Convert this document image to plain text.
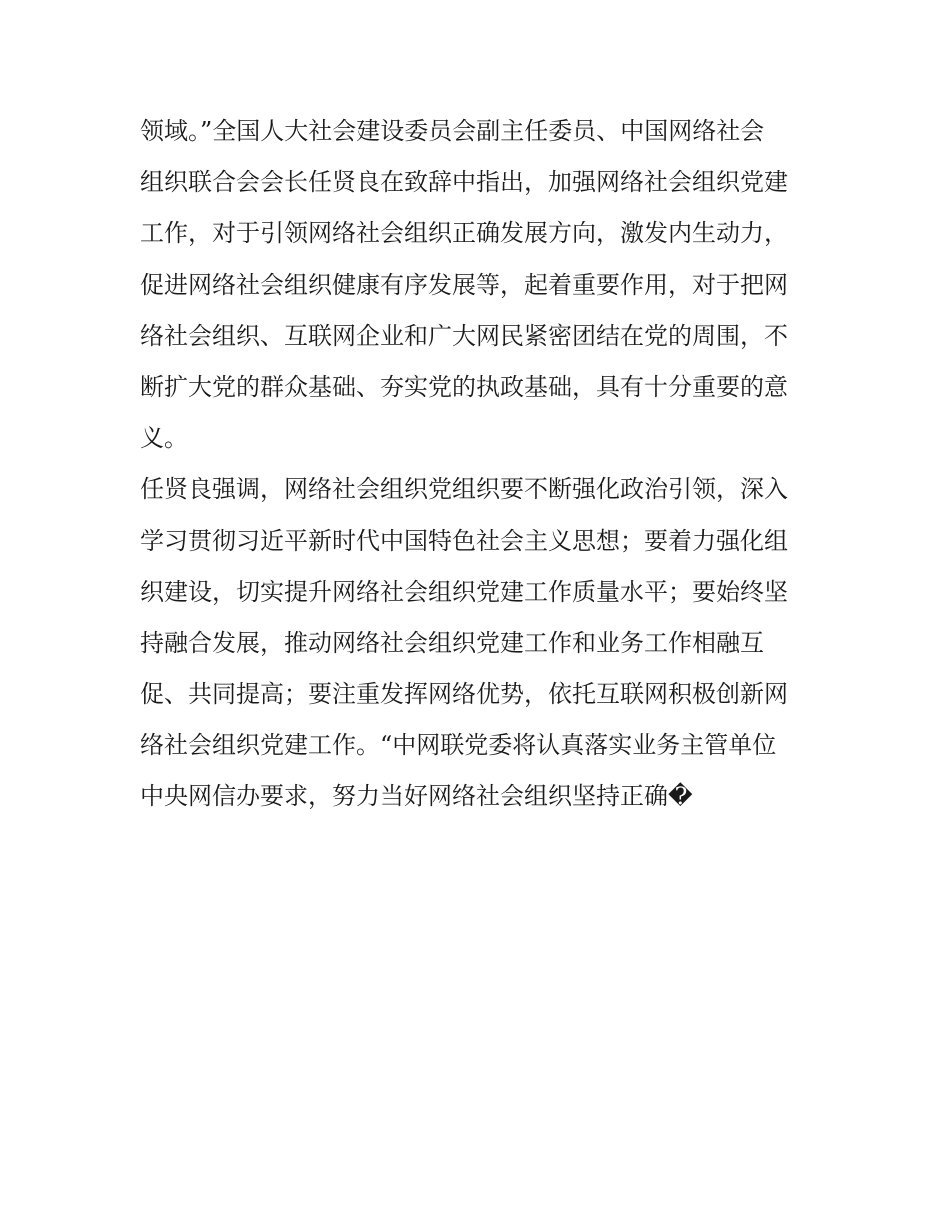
领域。”全国人大社会建设委员会副主任委员、中国网络社会
组织联合会会长任贤良在致辞中指出，加强网络社会组织党建
工作，对于引领网络社会组织正确发展方向，激发内生动力，
促进网络社会组织健康有序发展等，起着重要作用，对于把网
络社会组织、互联网企业和广大网民紧密团结在党的周围，不
断扩大党的群众基础、夯实党的执政基础，具有十分重要的意
义。
任贤良强调，网络社会组织党组织要不断强化政治引领，深入
学习贯彻习近平新时代中国特色社会主义思想；要着力强化组
织建设，切实提升网络社会组织党建工作质量水平；要始终坚
持融合发展，推动网络社会组织党建工作和业务工作相融互
促、共同提高；要注重发挥网络优势，依托互联网积极创新网
络社会组织党建工作。“中网联党委将认真落实业务主管单位
中央网信办要求，努力当好网络社会组织坚持正确�
